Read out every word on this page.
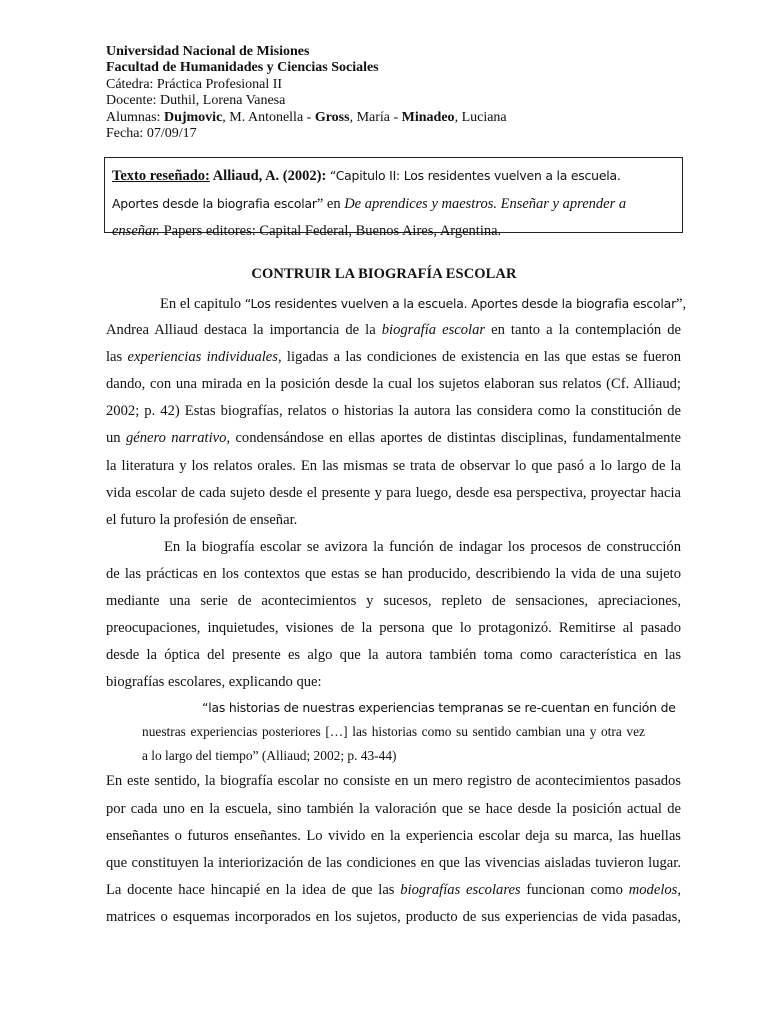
Universidad Nacional de Misiones
Facultad de Humanidades y Ciencias Sociales
Cátedra: Práctica Profesional II
Docente: Duthil, Lorena Vanesa
Alumnas: Dujmovic, M. Antonella - Gross, María - Minadeo, Luciana
Fecha: 07/09/17
Texto reseñado: Alliaud, A. (2002): “Capitulo II: Los residentes vuelven a la escuela.
Aportes desde la biografia escolar” en De aprendices y maestros. Enseñar y aprender a
enseñar. Papers editores: Capital Federal, Buenos Aires, Argentina.
CONTRUIR LA BIOGRAFÍA ESCOLAR
En el capitulo “Los residentes vuelven a la escuela. Aportes desde la biografia escolar”,
Andrea Alliaud destaca la importancia de la biografía escolar en tanto a la contemplación de
las experiencias individuales, ligadas a las condiciones de existencia en las que estas se fueron
dando, con una mirada en la posición desde la cual los sujetos elaboran sus relatos (Cf. Alliaud;
2002; p. 42) Estas biografías, relatos o historias la autora las considera como la constitución de
un género narrativo, condensándose en ellas aportes de distintas disciplinas, fundamentalmente
la literatura y los relatos orales. En las mismas se trata de observar lo que pasó a lo largo de la
vida escolar de cada sujeto desde el presente y para luego, desde esa perspectiva, proyectar hacia
el futuro la profesión de enseñar.
En la biografía escolar se avizora la función de indagar los procesos de construcción
de las prácticas en los contextos que estas se han producido, describiendo la vida de una sujeto
mediante una serie de acontecimientos y sucesos, repleto de sensaciones, apreciaciones,
preocupaciones, inquietudes, visiones de la persona que lo protagonizó. Remitirse al pasado
desde la óptica del presente es algo que la autora también toma como característica en las
biografías escolares, explicando que:
“las historias de nuestras experiencias tempranas se re-cuentan en función de
nuestras experiencias posteriores […] las historias como su sentido cambian una y otra vez
a lo largo del tiempo” (Alliaud; 2002; p. 43-44)
En este sentido, la biografía escolar no consiste en un mero registro de acontecimientos pasados
por cada uno en la escuela, sino también la valoración que se hace desde la posición actual de
enseñantes o futuros enseñantes. Lo vivido en la experiencia escolar deja su marca, las huellas
que constituyen la interiorización de las condiciones en que las vivencias aisladas tuvieron lugar.
La docente hace hincapié en la idea de que las biografías escolares funcionan como modelos,
matrices o esquemas incorporados en los sujetos, producto de sus experiencias de vida pasadas,
